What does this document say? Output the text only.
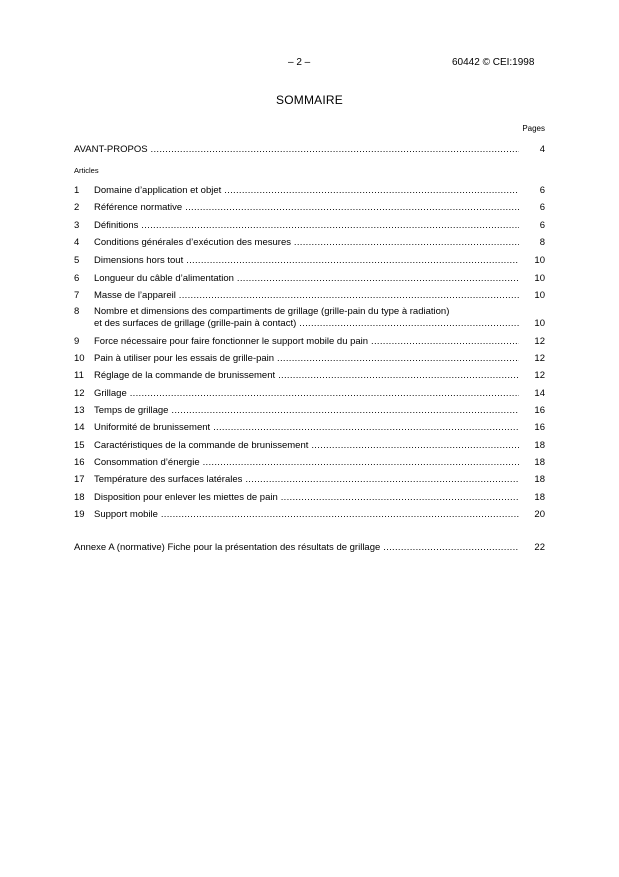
– 2 –	60442 © CEI:1998
SOMMAIRE
Pages
AVANT-PROPOS .....	4
Articles
1	Domaine d’application et objet .....	6
2	Référence normative .....	6
3	Définitions .....	6
4	Conditions générales d’exécution des mesures .....	8
5	Dimensions hors tout .....	10
6	Longueur du câble d’alimentation .....	10
7	Masse de l’appareil .....	10
8	Nombre et dimensions des compartiments de grillage (grille-pain du type à radiation)
et des surfaces de grillage (grille-pain à contact) .....	10
9	Force nécessaire pour faire fonctionner le support mobile du pain .....	12
10 Pain à utiliser pour les essais de grille-pain .....	12
11	Réglage de la commande de brunissement .....	12
12 Grillage .....	14
13 Temps de grillage .....	16
14 Uniformité de brunissement .....	16
15 Caractéristiques de la commande de brunissement .....	18
16 Consommation d’énergie .....	18
17 Température des surfaces latérales .....	18
18 Disposition pour enlever les miettes de pain .....	18
19 Support mobile .....	20
Annexe A (normative) Fiche pour la présentation des résultats de grillage .....	22
